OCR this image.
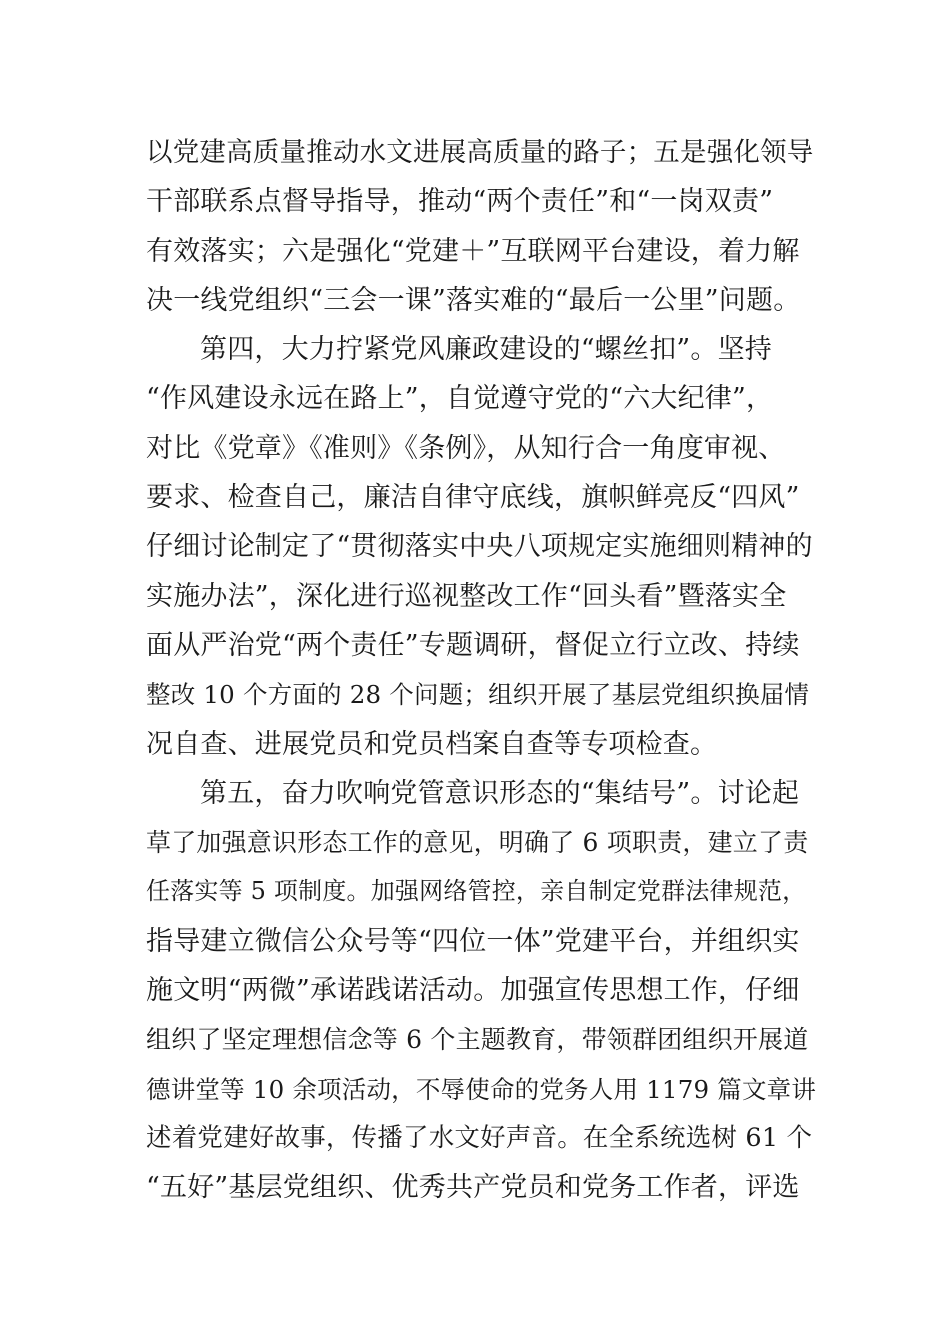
以党建高质量推动水文进展高质量的路子；五是强化领导
干部联系点督导指导，推动“两个责任”和“一岗双责”
有效落实；六是强化“党建＋”互联网平台建设，着力解
决一线党组织“三会一课”落实难的“最后一公里”问题。
第四，大力拧紧党风廉政建设的“螺丝扣”。坚持
“作风建设永远在路上”，自觉遵守党的“六大纪律”，
对比《党章》《准则》《条例》，从知行合一角度审视、
要求、检查自己，廉洁自律守底线，旗帜鲜亮反“四风”
仔细讨论制定了“贯彻落实中央八项规定实施细则精神的
实施办法”，深化进行巡视整改工作“回头看”暨落实全
面从严治党“两个责任”专题调研，督促立行立改、持续
整改 10 个方面的 28 个问题；组织开展了基层党组织换届情
况自查、进展党员和党员档案自查等专项检查。
第五，奋力吹响党管意识形态的“集结号”。讨论起
草了加强意识形态工作的意见，明确了 6 项职责，建立了责
任落实等 5 项制度。加强网络管控，亲自制定党群法律规范，
指导建立微信公众号等“四位一体”党建平台，并组织实
施文明“两微”承诺践诺活动。加强宣传思想工作，仔细
组织了坚定理想信念等 6 个主题教育，带领群团组织开展道
德讲堂等 10 余项活动，不辱使命的党务人用 1179 篇文章讲
述着党建好故事，传播了水文好声音。在全系统选树 61 个
“五好”基层党组织、优秀共产党员和党务工作者，评选
